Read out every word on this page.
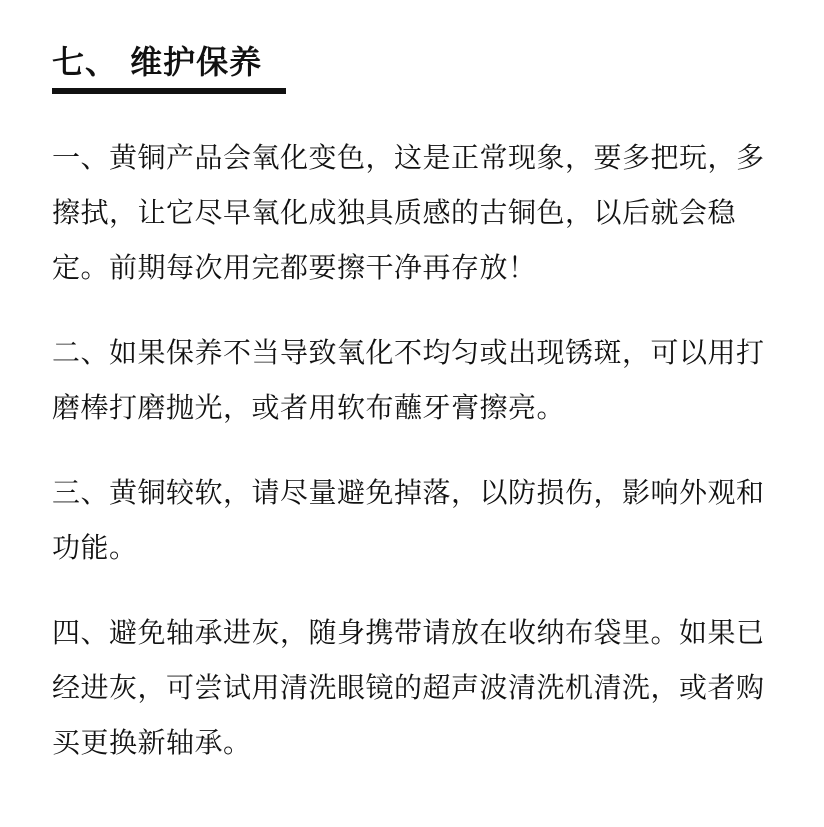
七、 维护保养

一、黄铜产品会氧化变色，这是正常现象，要多把玩，多擦拭，让它尽早氧化成独具质感的古铜色，以后就会稳定。前期每次用完都要擦干净再存放！

二、如果保养不当导致氧化不均匀或出现锈斑，可以用打磨棒打磨抛光，或者用软布蘸牙膏擦亮。

三、黄铜较软，请尽量避免掉落，以防损伤，影响外观和功能。

四、避免轴承进灰，随身携带请放在收纳布袋里。如果已经进灰，可尝试用清洗眼镜的超声波清洗机清洗，或者购买更换新轴承。
